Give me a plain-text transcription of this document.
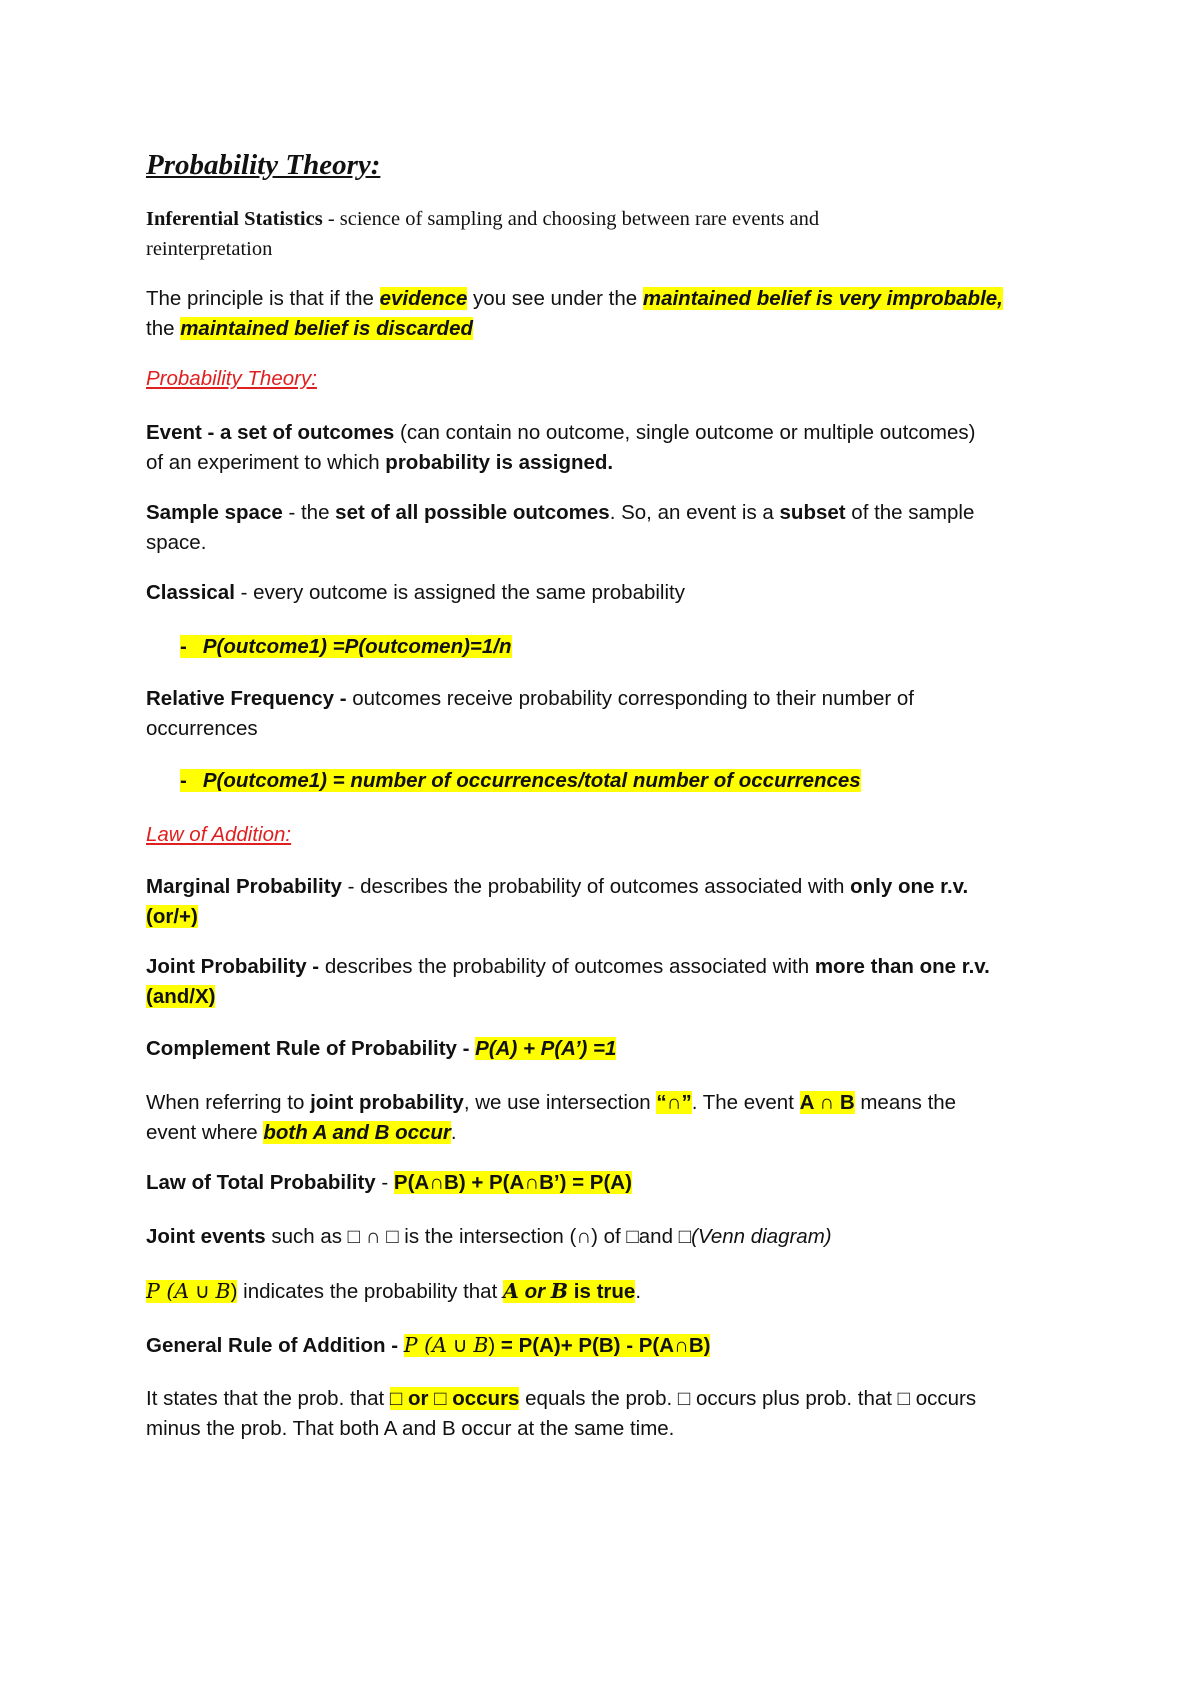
Probability Theory:
Inferential Statistics - science of sampling and choosing between rare events and
reinterpretation
The principle is that if the evidence you see under the maintained belief is very improbable,
the maintained belief is discarded
Probability Theory:
Event - a set of outcomes (can contain no outcome, single outcome or multiple outcomes)
of an experiment to which probability is assigned.
Sample space - the set of all possible outcomes. So, an event is a subset of the sample
space.
Classical - every outcome is assigned the same probability
- P(outcome1) =P(outcomen)=1/n
Relative Frequency - outcomes receive probability corresponding to their number of
occurrences
- P(outcome1) = number of occurrences/total number of occurrences
Law of Addition:
Marginal Probability - describes the probability of outcomes associated with only one r.v.
(or/+)
Joint Probability - describes the probability of outcomes associated with more than one r.v.
(and/X)
Complement Rule of Probability - P(A) + P(A’) =1
When referring to joint probability, we use intersection “∩”. The event A ∩ B means the
event where both A and B occur.
Law of Total Probability - P(A∩B) + P(A∩B’) = P(A)
Joint events such as □ ∩ □ is the intersection (∩) of □and □(Venn diagram)
P (A ∪ B) indicates the probability that A or B is true.
General Rule of Addition - P (A ∪ B) = P(A)+ P(B) - P(A∩B)
It states that the prob. that □ or □ occurs equals the prob. □ occurs plus prob. that □ occurs
minus the prob. That both A and B occur at the same time.
